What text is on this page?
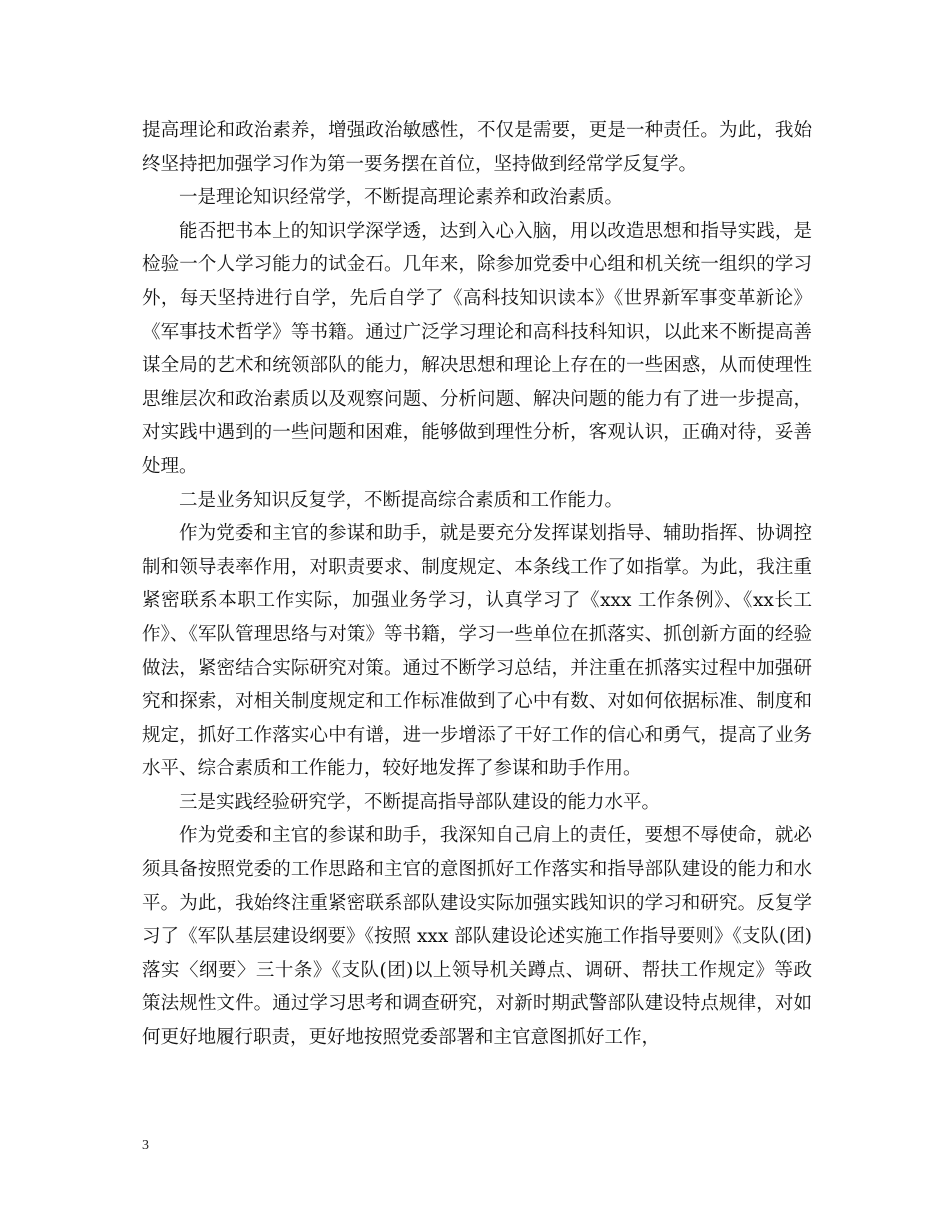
提高理论和政治素养，增强政治敏感性，不仅是需要，更是一种责任。为此，我始终坚持把加强学习作为第一要务摆在首位，坚持做到经常学反复学。

一是理论知识经常学，不断提高理论素养和政治素质。

能否把书本上的知识学深学透，达到入心入脑，用以改造思想和指导实践，是检验一个人学习能力的试金石。几年来，除参加党委中心组和机关统一组织的学习外，每天坚持进行自学，先后自学了《高科技知识读本》《世界新军事变革新论》《军事技术哲学》等书籍。通过广泛学习理论和高科技科知识，以此来不断提高善谋全局的艺术和统领部队的能力，解决思想和理论上存在的一些困惑，从而使理性思维层次和政治素质以及观察问题、分析问题、解决问题的能力有了进一步提高，对实践中遇到的一些问题和困难，能够做到理性分析，客观认识，正确对待，妥善处理。

二是业务知识反复学，不断提高综合素质和工作能力。

作为党委和主官的参谋和助手，就是要充分发挥谋划指导、辅助指挥、协调控制和领导表率作用，对职责要求、制度规定、本条线工作了如指掌。为此，我注重紧密联系本职工作实际，加强业务学习，认真学习了《xxx 工作条例》、《xx长工作》、《军队管理思络与对策》等书籍，学习一些单位在抓落实、抓创新方面的经验做法，紧密结合实际研究对策。通过不断学习总结，并注重在抓落实过程中加强研究和探索，对相关制度规定和工作标准做到了心中有数、对如何依据标准、制度和规定，抓好工作落实心中有谱，进一步增添了干好工作的信心和勇气，提高了业务水平、综合素质和工作能力，较好地发挥了参谋和助手作用。

三是实践经验研究学，不断提高指导部队建设的能力水平。

作为党委和主官的参谋和助手，我深知自己肩上的责任，要想不辱使命，就必须具备按照党委的工作思路和主官的意图抓好工作落实和指导部队建设的能力和水平。为此，我始终注重紧密联系部队建设实际加强实践知识的学习和研究。反复学习了《军队基层建设纲要》《按照 xxx 部队建设论述实施工作指导要则》《支队(团)落实〈纲要〉三十条》《支队(团)以上领导机关蹲点、调研、帮扶工作规定》等政策法规性文件。通过学习思考和调查研究，对新时期武警部队建设特点规律，对如何更好地履行职责，更好地按照党委部署和主官意图抓好工作，

3
